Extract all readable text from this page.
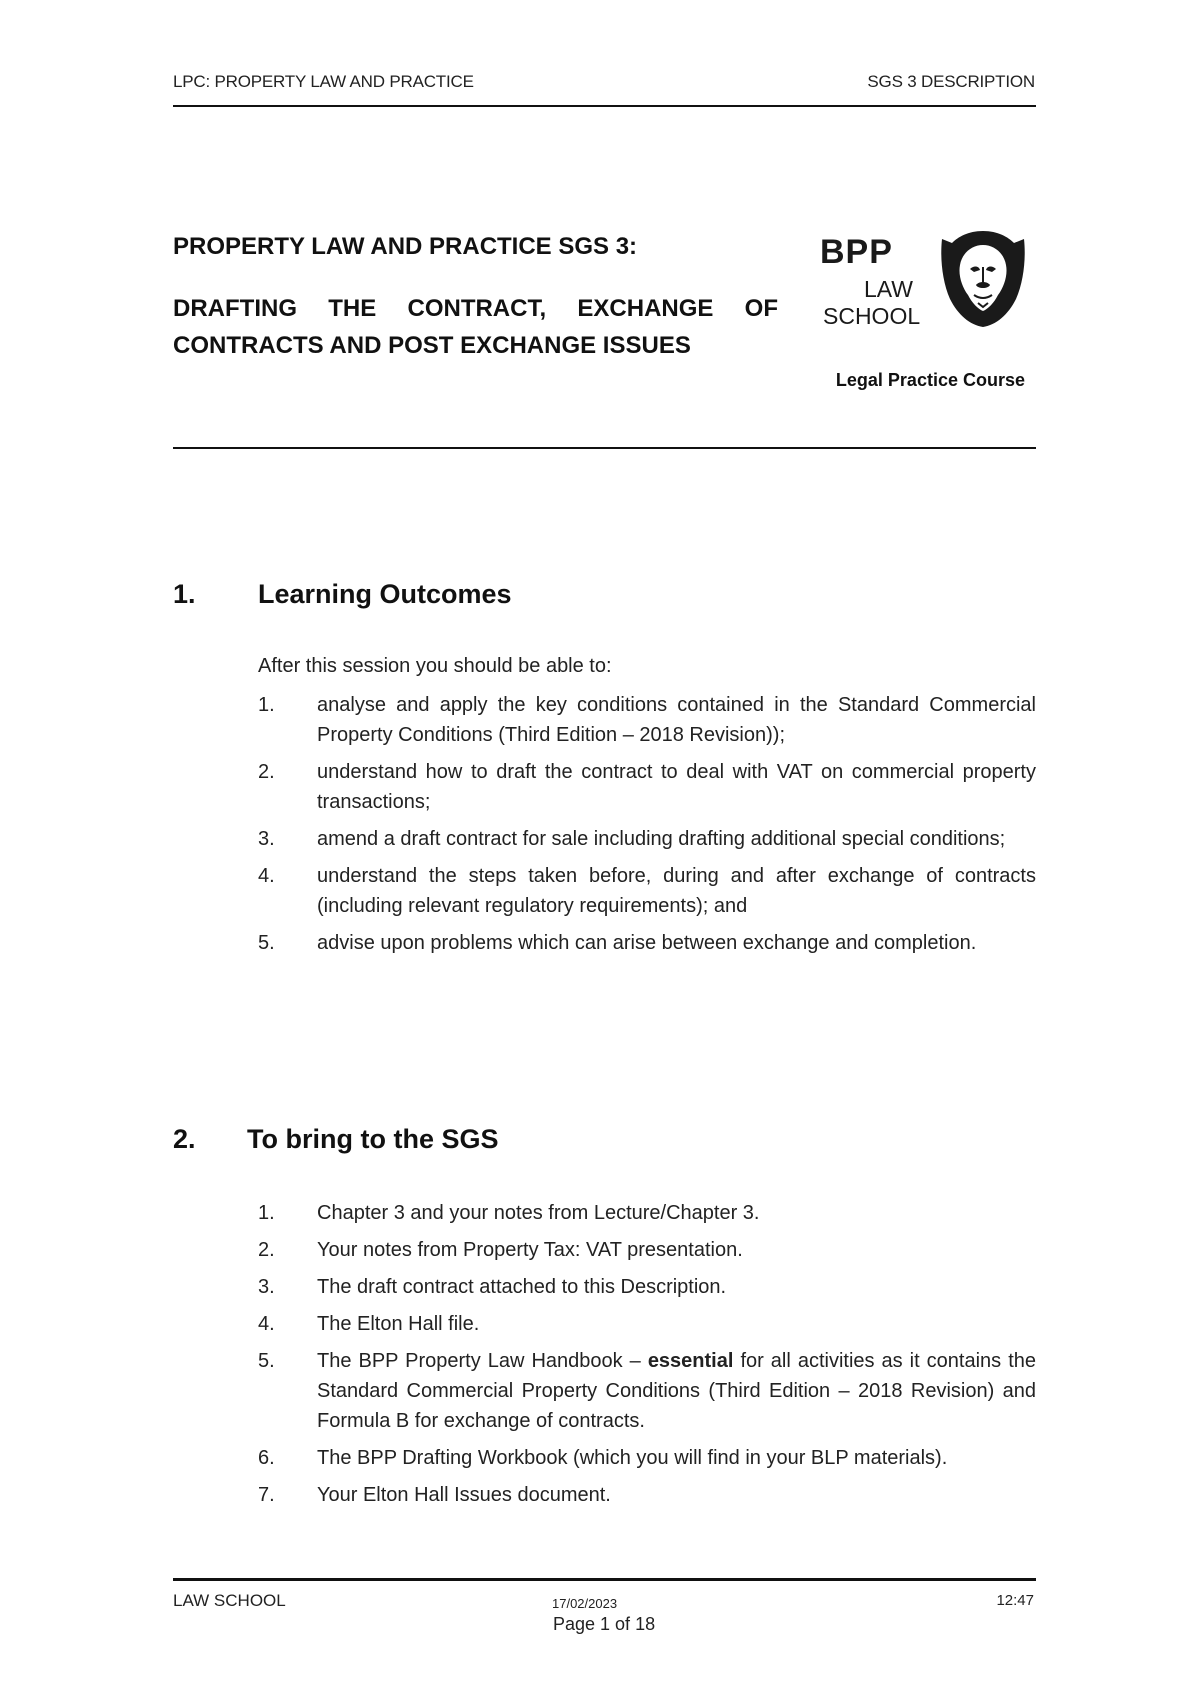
LPC: PROPERTY LAW AND PRACTICE	SGS 3 DESCRIPTION

PROPERTY LAW AND PRACTICE SGS 3:

DRAFTING THE CONTRACT, EXCHANGE OF CONTRACTS AND POST EXCHANGE ISSUES

BPP
LAW
SCHOOL
Legal Practice Course
1. Learning Outcomes
After this session you should be able to:
1. analyse and apply the key conditions contained in the Standard Commercial Property Conditions (Third Edition – 2018 Revision));
2. understand how to draft the contract to deal with VAT on commercial property transactions;
3. amend a draft contract for sale including drafting additional special conditions;
4. understand the steps taken before, during and after exchange of contracts (including relevant regulatory requirements); and
5. advise upon problems which can arise between exchange and completion.
2. To bring to the SGS
1. Chapter 3 and your notes from Lecture/Chapter 3.
2. Your notes from Property Tax: VAT presentation.
3. The draft contract attached to this Description.
4. The Elton Hall file.
5. The BPP Property Law Handbook – essential for all activities as it contains the Standard Commercial Property Conditions (Third Edition – 2018 Revision) and Formula B for exchange of contracts.
6. The BPP Drafting Workbook (which you will find in your BLP materials).
7. Your Elton Hall Issues document.
LAW SCHOOL	17/02/2023	12:47
Page 1 of 18
